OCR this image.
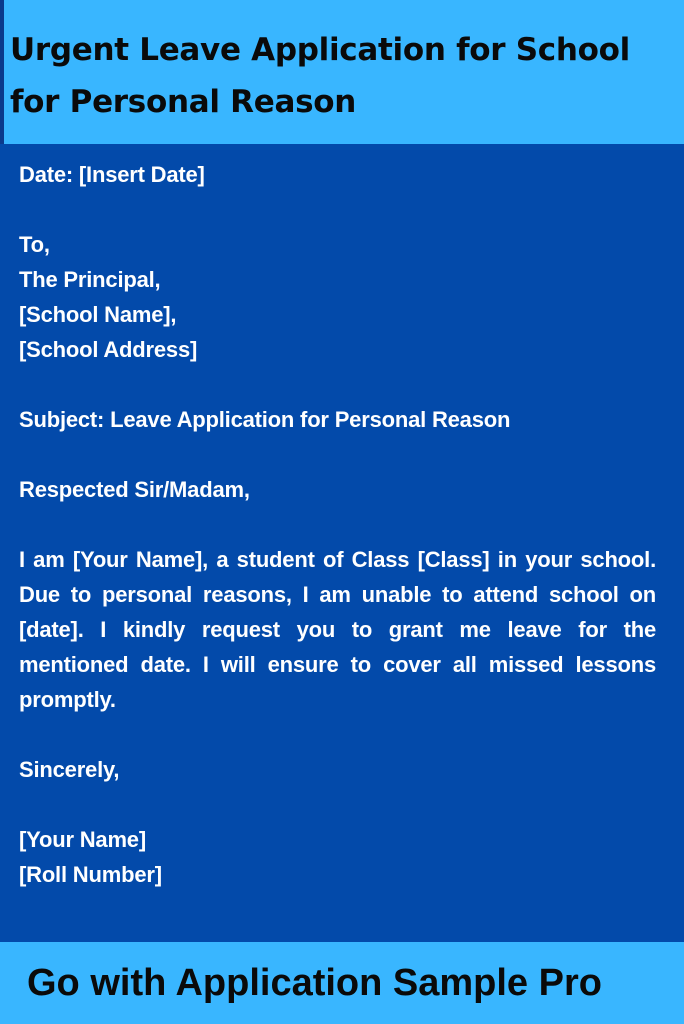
Urgent Leave Application for School for Personal Reason

Date: [Insert Date]

To,
The Principal,
[School Name],
[School Address]

Subject: Leave Application for Personal Reason

Respected Sir/Madam,

I am [Your Name], a student of Class [Class] in your school. Due to personal reasons, I am unable to attend school on [date]. I kindly request you to grant me leave for the mentioned date. I will ensure to cover all missed lessons promptly.

Sincerely,

[Your Name]
[Roll Number]

Go with Application Sample Pro
